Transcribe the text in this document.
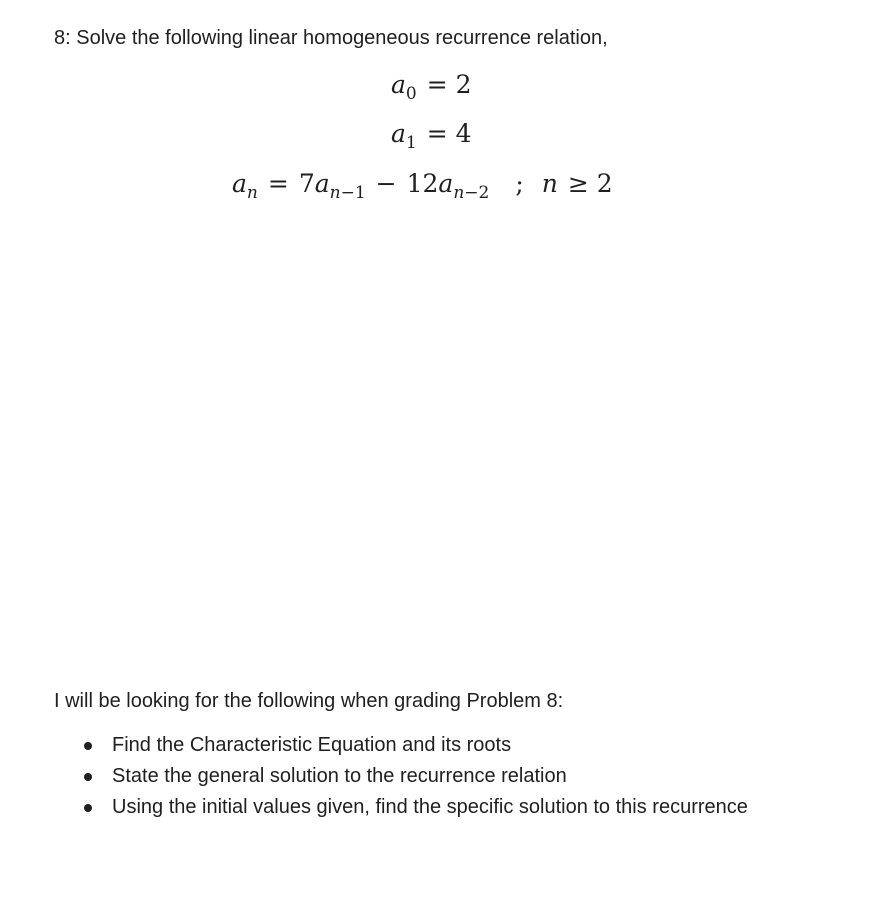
8: Solve the following linear homogeneous recurrence relation,
$a_0 = 2$
$a_1 = 4$
$a_n = 7a_{n-1} - 12a_{n-2}$ ; n ≥ 2
I will be looking for the following when grading Problem 8:
Find the Characteristic Equation and its roots
State the general solution to the recurrence relation
Using the initial values given, find the specific solution to this recurrence
